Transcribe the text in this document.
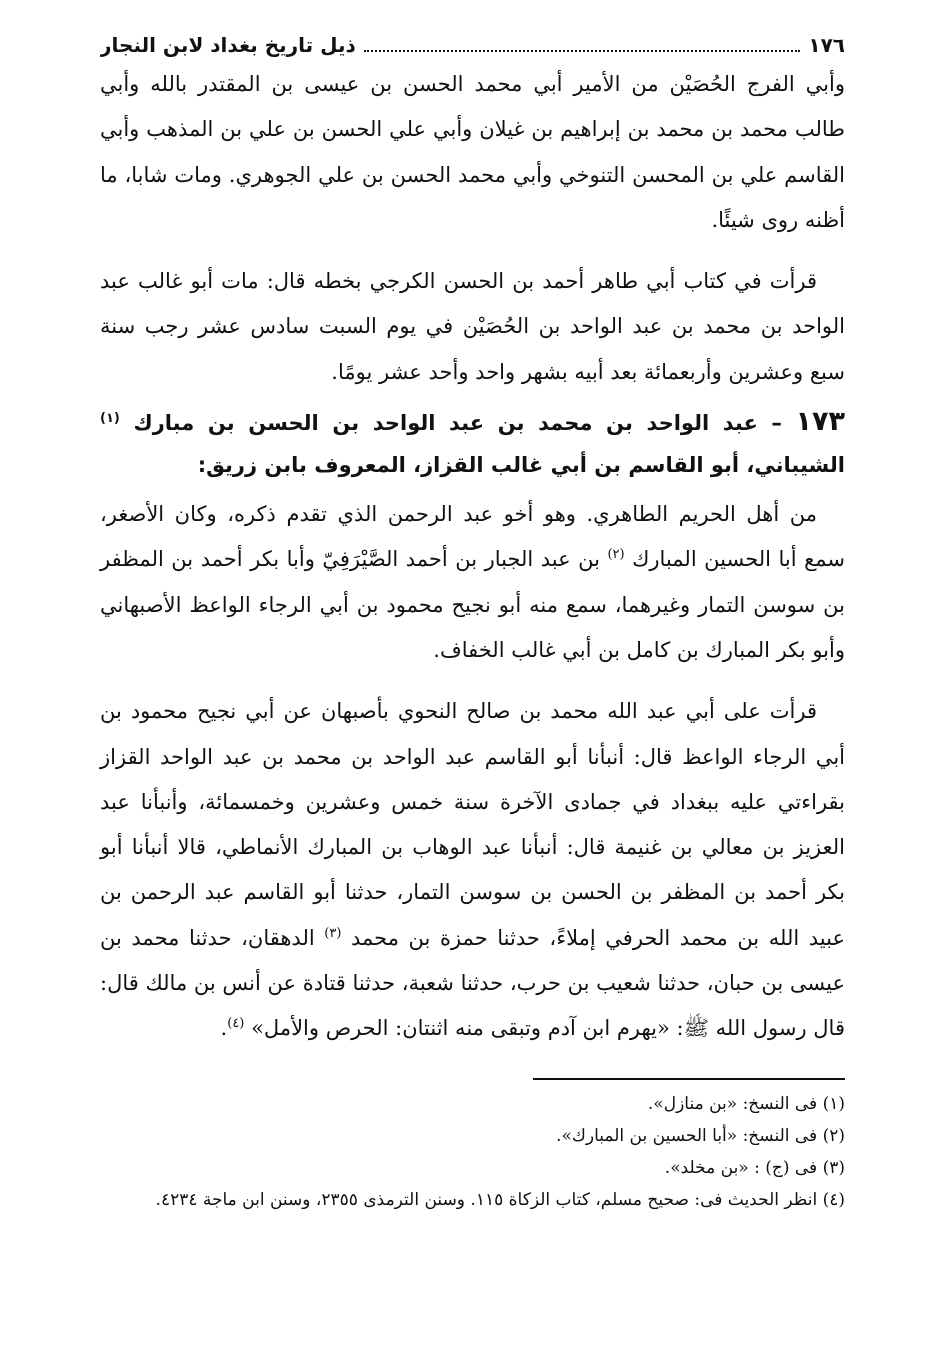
١٧٦
ذيل تاريخ بغداد لابن النجار

وأبي الفرج الحُصَيْن من الأمير أبي محمد الحسن بن عيسى بن المقتدر بالله وأبي طالب محمد بن محمد بن إبراهيم بن غيلان وأبي علي الحسن بن علي بن المذهب وأبي القاسم علي بن المحسن التنوخي وأبي محمد الحسن بن علي الجوهري. ومات شابا، ما أظنه روى شيئًا.

قرأت في كتاب أبي طاهر أحمد بن الحسن الكرجي بخطه قال: مات أبو غالب عبد الواحد بن محمد بن عبد الواحد بن الحُصَيْن في يوم السبت سادس عشر رجب سنة سبع وعشرين وأربعمائة بعد أبيه بشهر واحد وأحد عشر يومًا.

١٧٣ – عبد الواحد بن محمد بن عبد الواحد بن الحسن بن مبارك $^{(١)}$ الشيباني، أبو القاسم بن أبي غالب القزاز، المعروف بابن زريق:

من أهل الحريم الطاهري. وهو أخو عبد الرحمن الذي تقدم ذكره، وكان الأصغر، سمع أبا الحسين المبارك $^{(٢)}$ بن عبد الجبار بن أحمد الصَّيْرَفِيّ وأبا بكر أحمد بن المظفر بن سوسن التمار وغيرهما، سمع منه أبو نجيح محمود بن أبي الرجاء الواعظ الأصبهاني وأبو بكر المبارك بن كامل بن أبي غالب الخفاف.

قرأت على أبي عبد الله محمد بن صالح النحوي بأصبهان عن أبي نجيح محمود بن أبي الرجاء الواعظ قال: أنبأنا أبو القاسم عبد الواحد بن محمد بن عبد الواحد القزاز بقراءتي عليه ببغداد في جمادى الآخرة سنة خمس وعشرين وخمسمائة، وأنبأنا عبد العزيز بن معالي بن غنيمة قال: أنبأنا عبد الوهاب بن المبارك الأنماطي، قالا أنبأنا أبو بكر أحمد بن المظفر بن الحسن بن سوسن التمار، حدثنا أبو القاسم عبد الرحمن بن عبيد الله بن محمد الحرفي إملاءً، حدثنا حمزة بن محمد $^{(٣)}$ الدهقان، حدثنا محمد بن عيسى بن حبان، حدثنا شعيب بن حرب، حدثنا شعبة، حدثنا قتادة عن أنس بن مالك قال: قال رسول الله ﷺ: «يهرم ابن آدم وتبقى منه اثنتان: الحرص والأمل» $^{(٤)}$.

(١) فى النسخ: «بن منازل».
(٢) فى النسخ: «أبا الحسين بن المبارك».
(٣) فى (ج) : «بن مخلد».
(٤) انظر الحديث فى: صحيح مسلم، كتاب الزكاة ١١٥. وسنن الترمذى ٢٣٥٥، وسنن ابن ماجة ٤٢٣٤.
